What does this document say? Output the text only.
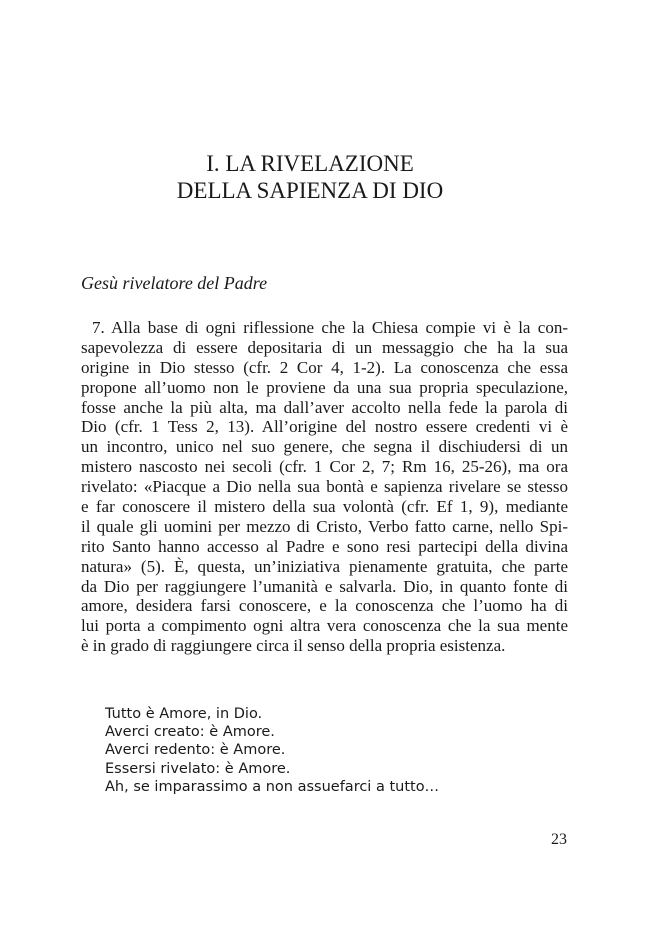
I. LA RIVELAZIONE
DELLA SAPIENZA DI DIO
Gesù rivelatore del Padre
7. Alla base di ogni riflessione che la Chiesa compie vi è la con-
sapevolezza di essere depositaria di un messaggio che ha la sua
origine in Dio stesso (cfr. 2 Cor 4, 1-2). La conoscenza che essa
propone all’uomo non le proviene da una sua propria speculazione,
fosse anche la più alta, ma dall’aver accolto nella fede la parola di
Dio (cfr. 1 Tess 2, 13). All’origine del nostro essere credenti vi è
un incontro, unico nel suo genere, che segna il dischiudersi di un
mistero nascosto nei secoli (cfr. 1 Cor 2, 7; Rm 16, 25-26), ma ora
rivelato: «Piacque a Dio nella sua bontà e sapienza rivelare se stesso
e far conoscere il mistero della sua volontà (cfr. Ef 1, 9), mediante
il quale gli uomini per mezzo di Cristo, Verbo fatto carne, nello Spi-
rito Santo hanno accesso al Padre e sono resi partecipi della divina
natura» (5). È, questa, un’iniziativa pienamente gratuita, che parte
da Dio per raggiungere l’umanità e salvarla. Dio, in quanto fonte di
amore, desidera farsi conoscere, e la conoscenza che l’uomo ha di
lui porta a compimento ogni altra vera conoscenza che la sua mente
è in grado di raggiungere circa il senso della propria esistenza.
Tutto è Amore, in Dio.
Averci creato: è Amore.
Averci redento: è Amore.
Essersi rivelato: è Amore.
Ah, se imparassimo a non assuefarci a tutto…
23
